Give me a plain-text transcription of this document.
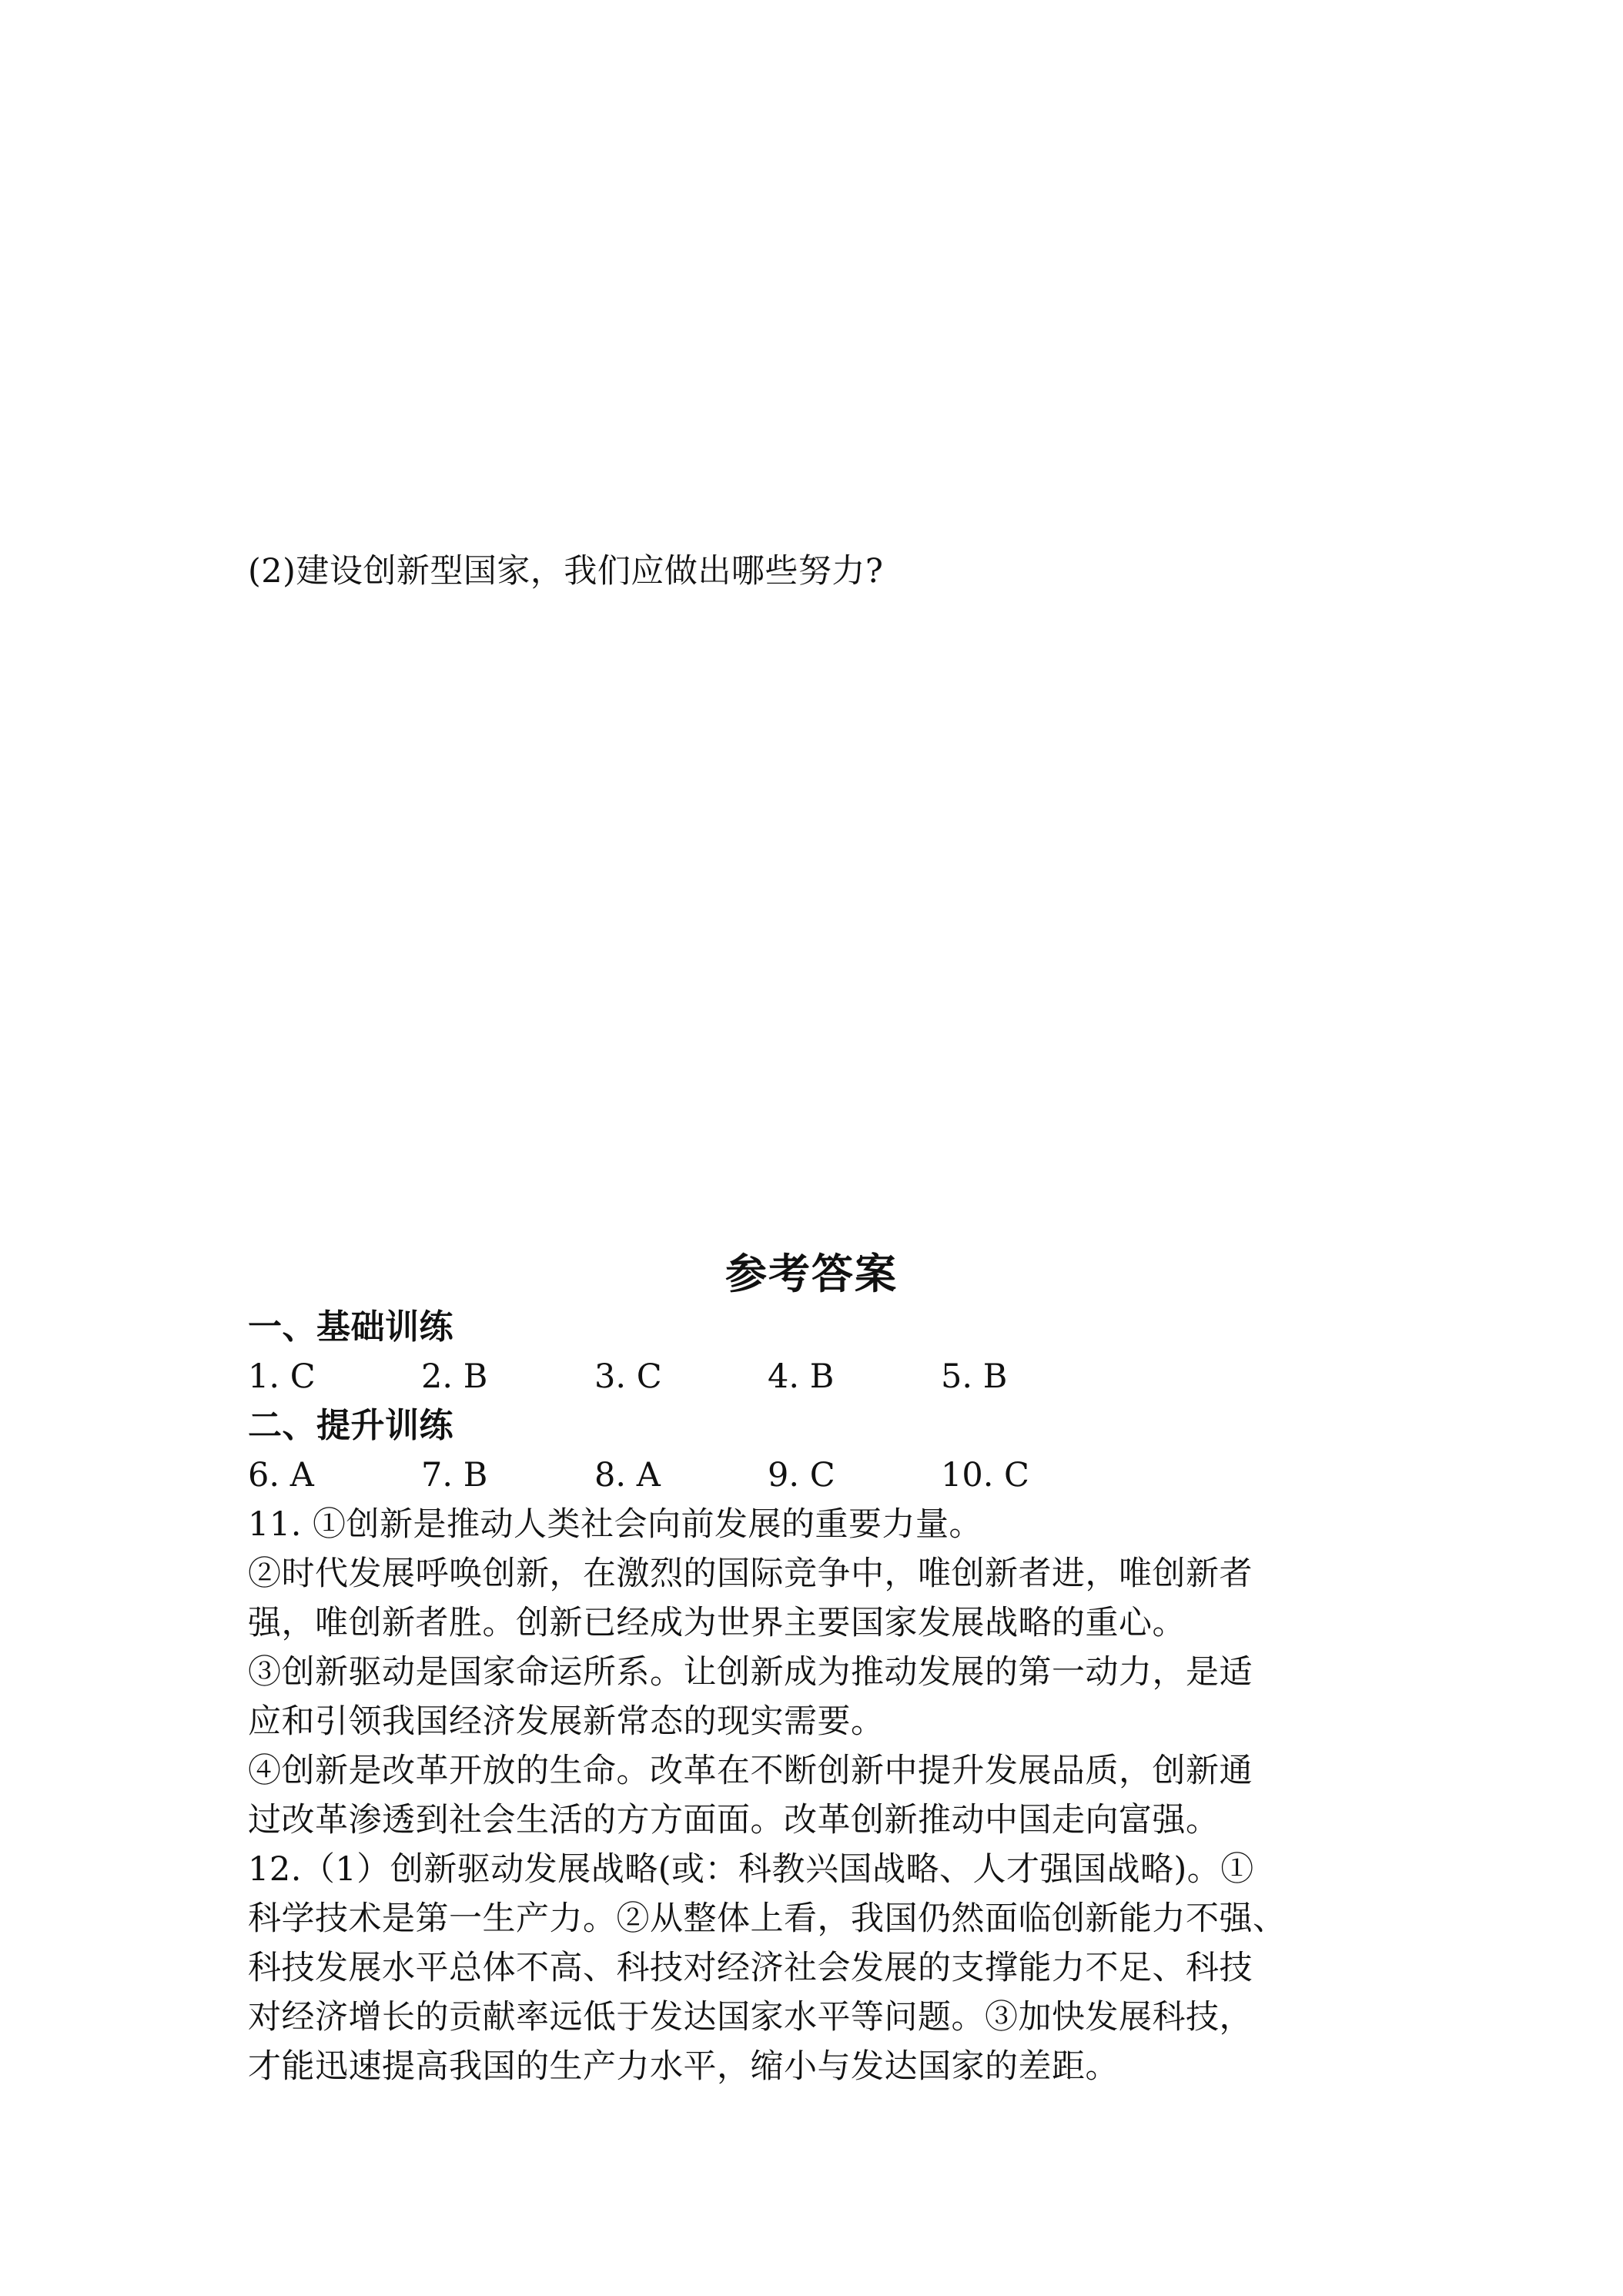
(2)建设创新型国家，我们应做出哪些努力?
参考答案
一、基础训练
1. C	2. B	3. C	4. B	5. B
二、提升训练
6. A	7. B	8. A	9. C	10. C
11. ①创新是推动人类社会向前发展的重要力量。
②时代发展呼唤创新，在激烈的国际竞争中，唯创新者进，唯创新者
强，唯创新者胜。创新已经成为世界主要国家发展战略的重心。
③创新驱动是国家命运所系。让创新成为推动发展的第一动力，是适
应和引领我国经济发展新常态的现实需要。
④创新是改革开放的生命。改革在不断创新中提升发展品质，创新通
过改革渗透到社会生活的方方面面。改革创新推动中国走向富强。
12.（1）创新驱动发展战略(或：科教兴国战略、人才强国战略)。①
科学技术是第一生产力。②从整体上看，我国仍然面临创新能力不强、
科技发展水平总体不高、科技对经济社会发展的支撑能力不足、科技
对经济增长的贡献率远低于发达国家水平等问题。③加快发展科技，
才能迅速提高我国的生产力水平，缩小与发达国家的差距。
